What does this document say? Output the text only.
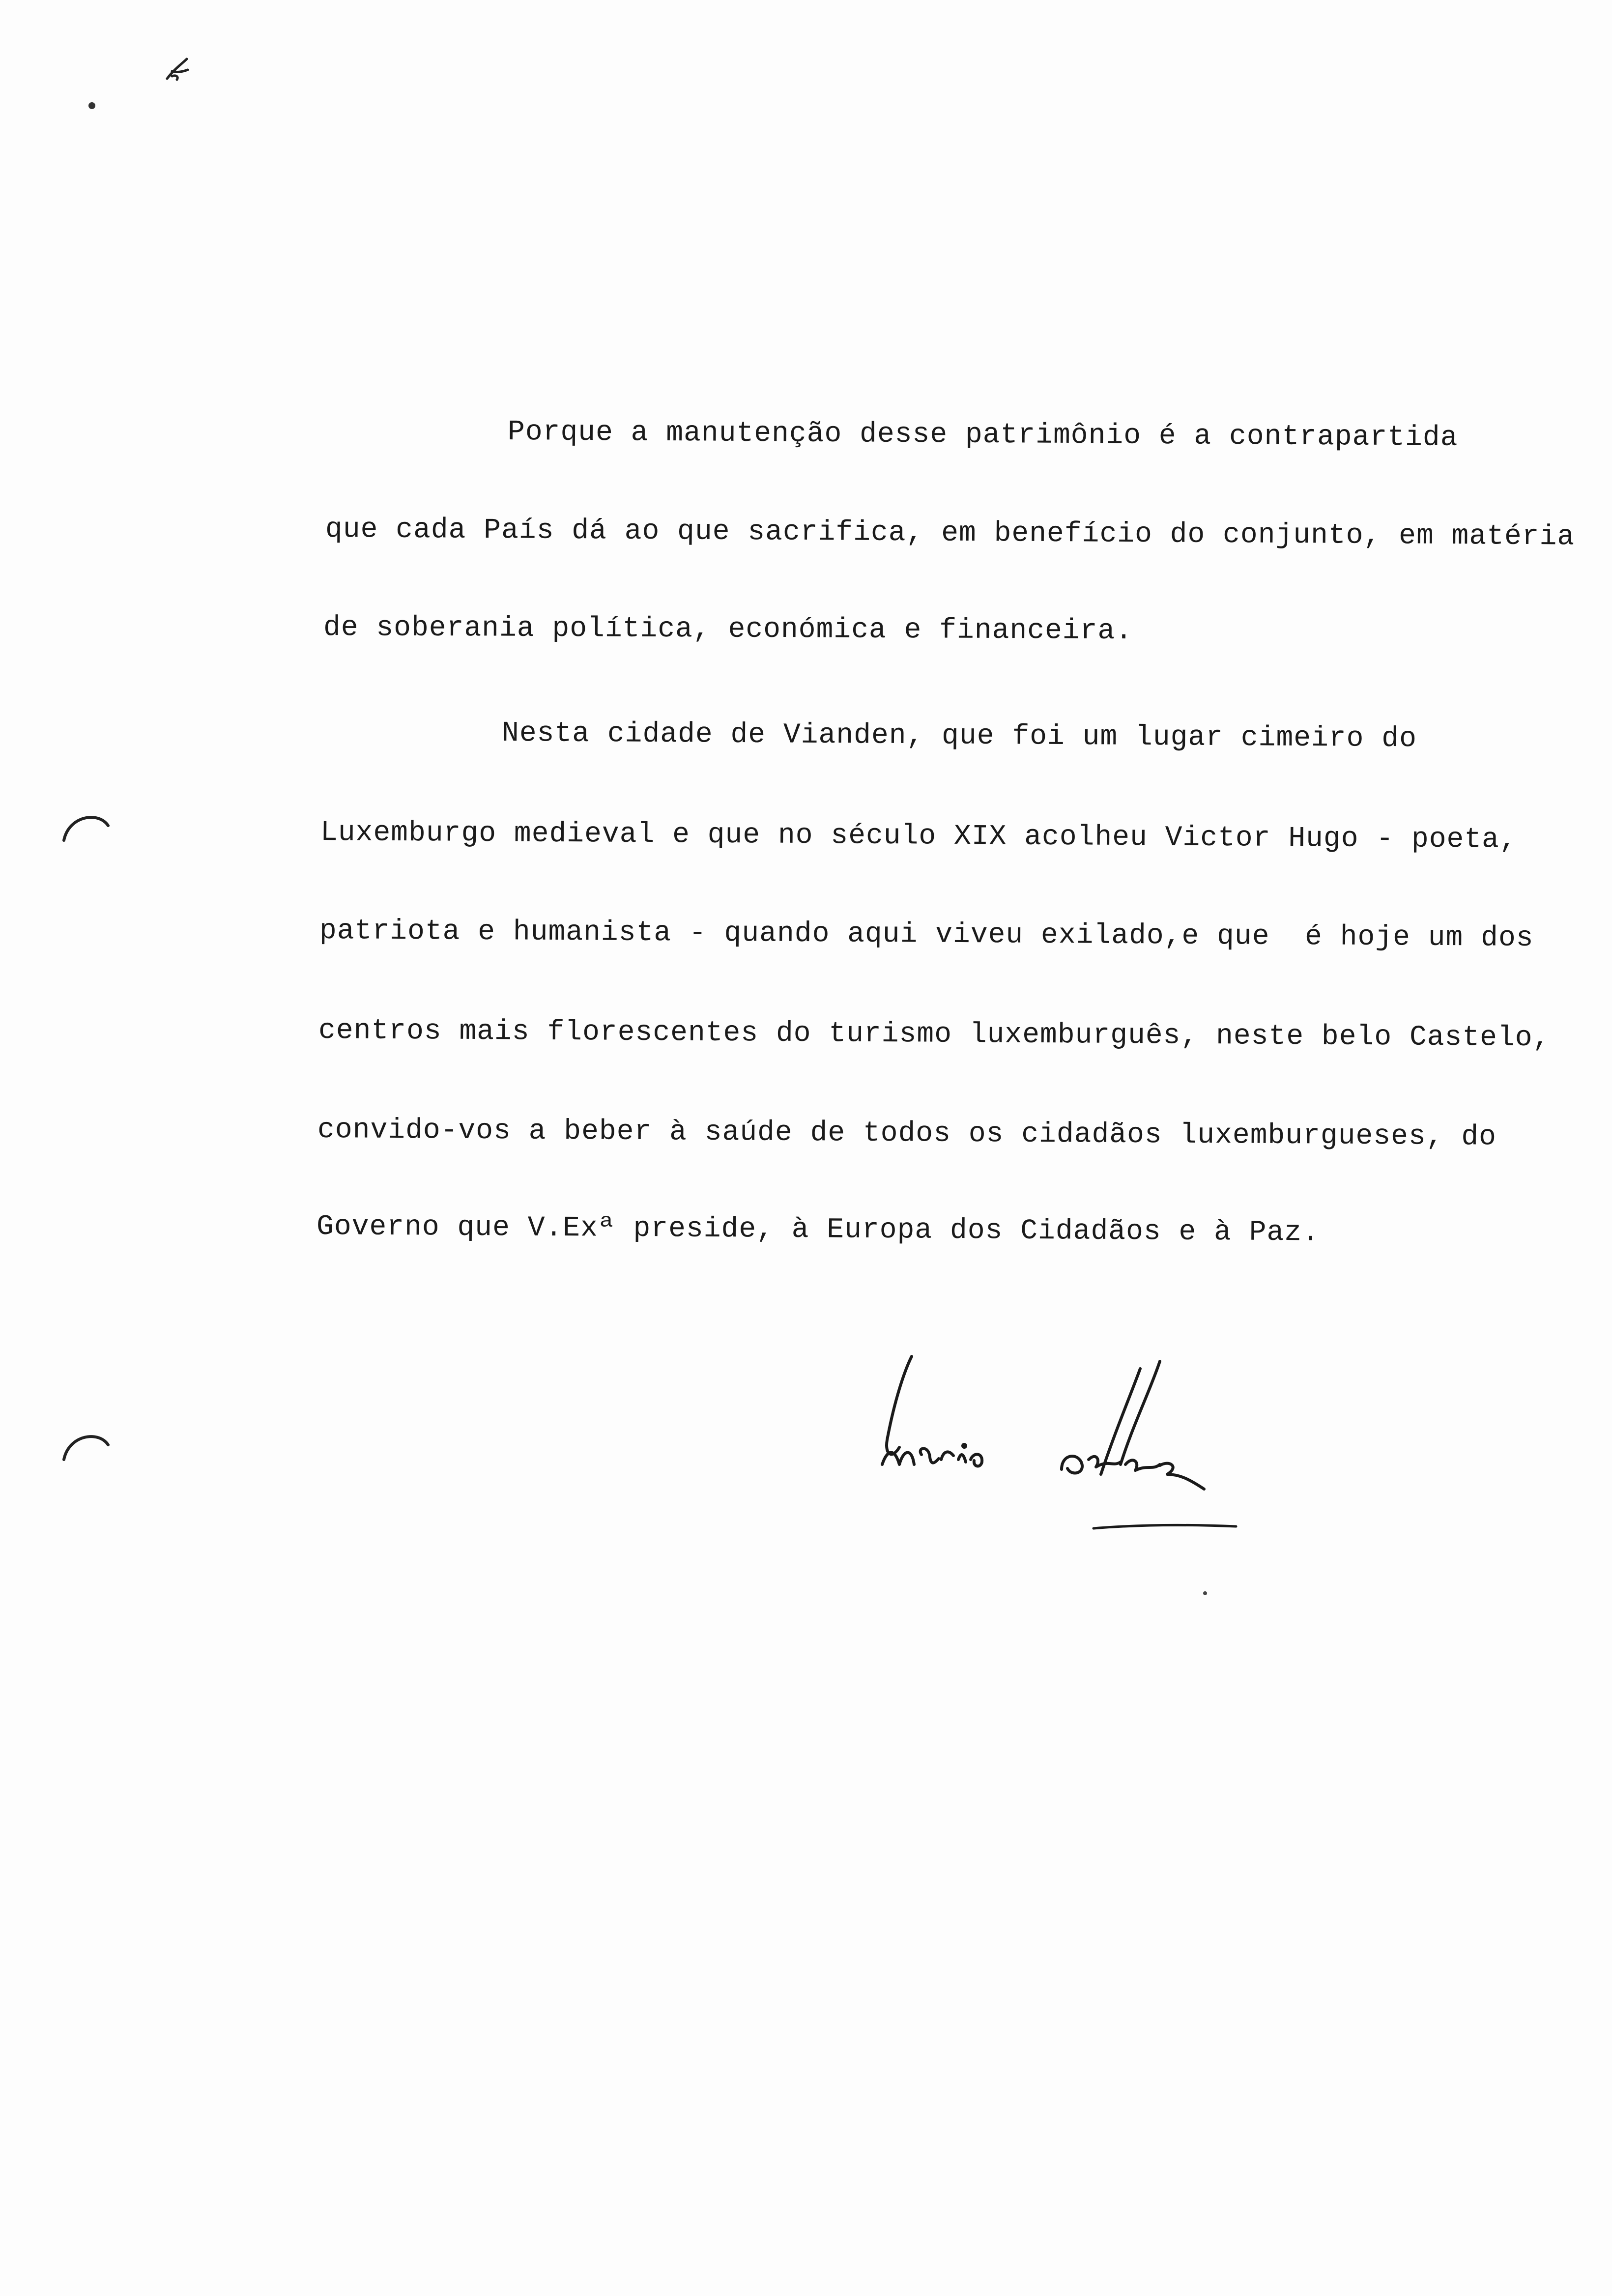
Porque a manutenção desse patrimônio é a contrapartida
que cada País dá ao que sacrifica, em benefício do conjunto, em matéria
de soberania política, económica e financeira.
Nesta cidade de Vianden, que foi um lugar cimeiro do
Luxemburgo medieval e que no século XIX acolheu Victor Hugo - poeta,
patriota e humanista - quando aqui viveu exilado,e que  é hoje um dos
centros mais florescentes do turismo luxemburguês, neste belo Castelo,
convido-vos a beber à saúde de todos os cidadãos luxemburgueses, do
Governo que V.Exª preside, à Europa dos Cidadãos e à Paz.
